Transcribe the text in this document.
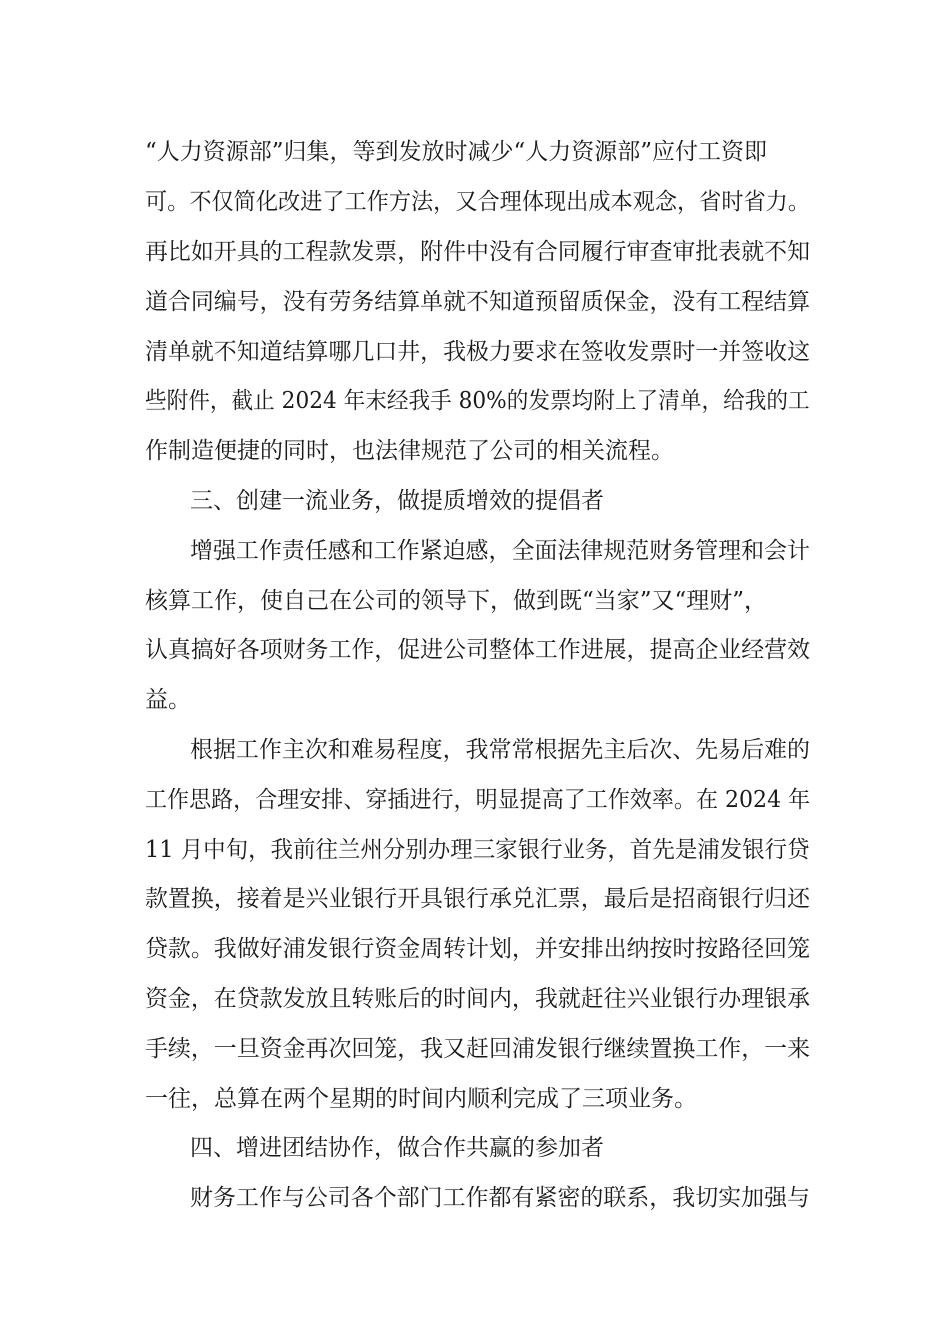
“人力资源部”归集，等到发放时减少“人力资源部”应付工资即
可。不仅简化改进了工作方法，又合理体现出成本观念，省时省力。
再比如开具的工程款发票，附件中没有合同履行审查审批表就不知
道合同编号，没有劳务结算单就不知道预留质保金，没有工程结算
清单就不知道结算哪几口井，我极力要求在签收发票时一并签收这
些附件，截止 2024 年末经我手 80%的发票均附上了清单，给我的工
作制造便捷的同时，也法律规范了公司的相关流程。
三、创建一流业务，做提质增效的提倡者
增强工作责任感和工作紧迫感，全面法律规范财务管理和会计
核算工作，使自己在公司的领导下，做到既“当家”又“理财”，
认真搞好各项财务工作，促进公司整体工作进展，提高企业经营效
益。
根据工作主次和难易程度，我常常根据先主后次、先易后难的
工作思路，合理安排、穿插进行，明显提高了工作效率。在 2024 年
11 月中旬，我前往兰州分别办理三家银行业务，首先是浦发银行贷
款置换，接着是兴业银行开具银行承兑汇票，最后是招商银行归还
贷款。我做好浦发银行资金周转计划，并安排出纳按时按路径回笼
资金，在贷款发放且转账后的时间内，我就赶往兴业银行办理银承
手续，一旦资金再次回笼，我又赶回浦发银行继续置换工作，一来
一往，总算在两个星期的时间内顺利完成了三项业务。
四、增进团结协作，做合作共赢的参加者
财务工作与公司各个部门工作都有紧密的联系，我切实加强与
